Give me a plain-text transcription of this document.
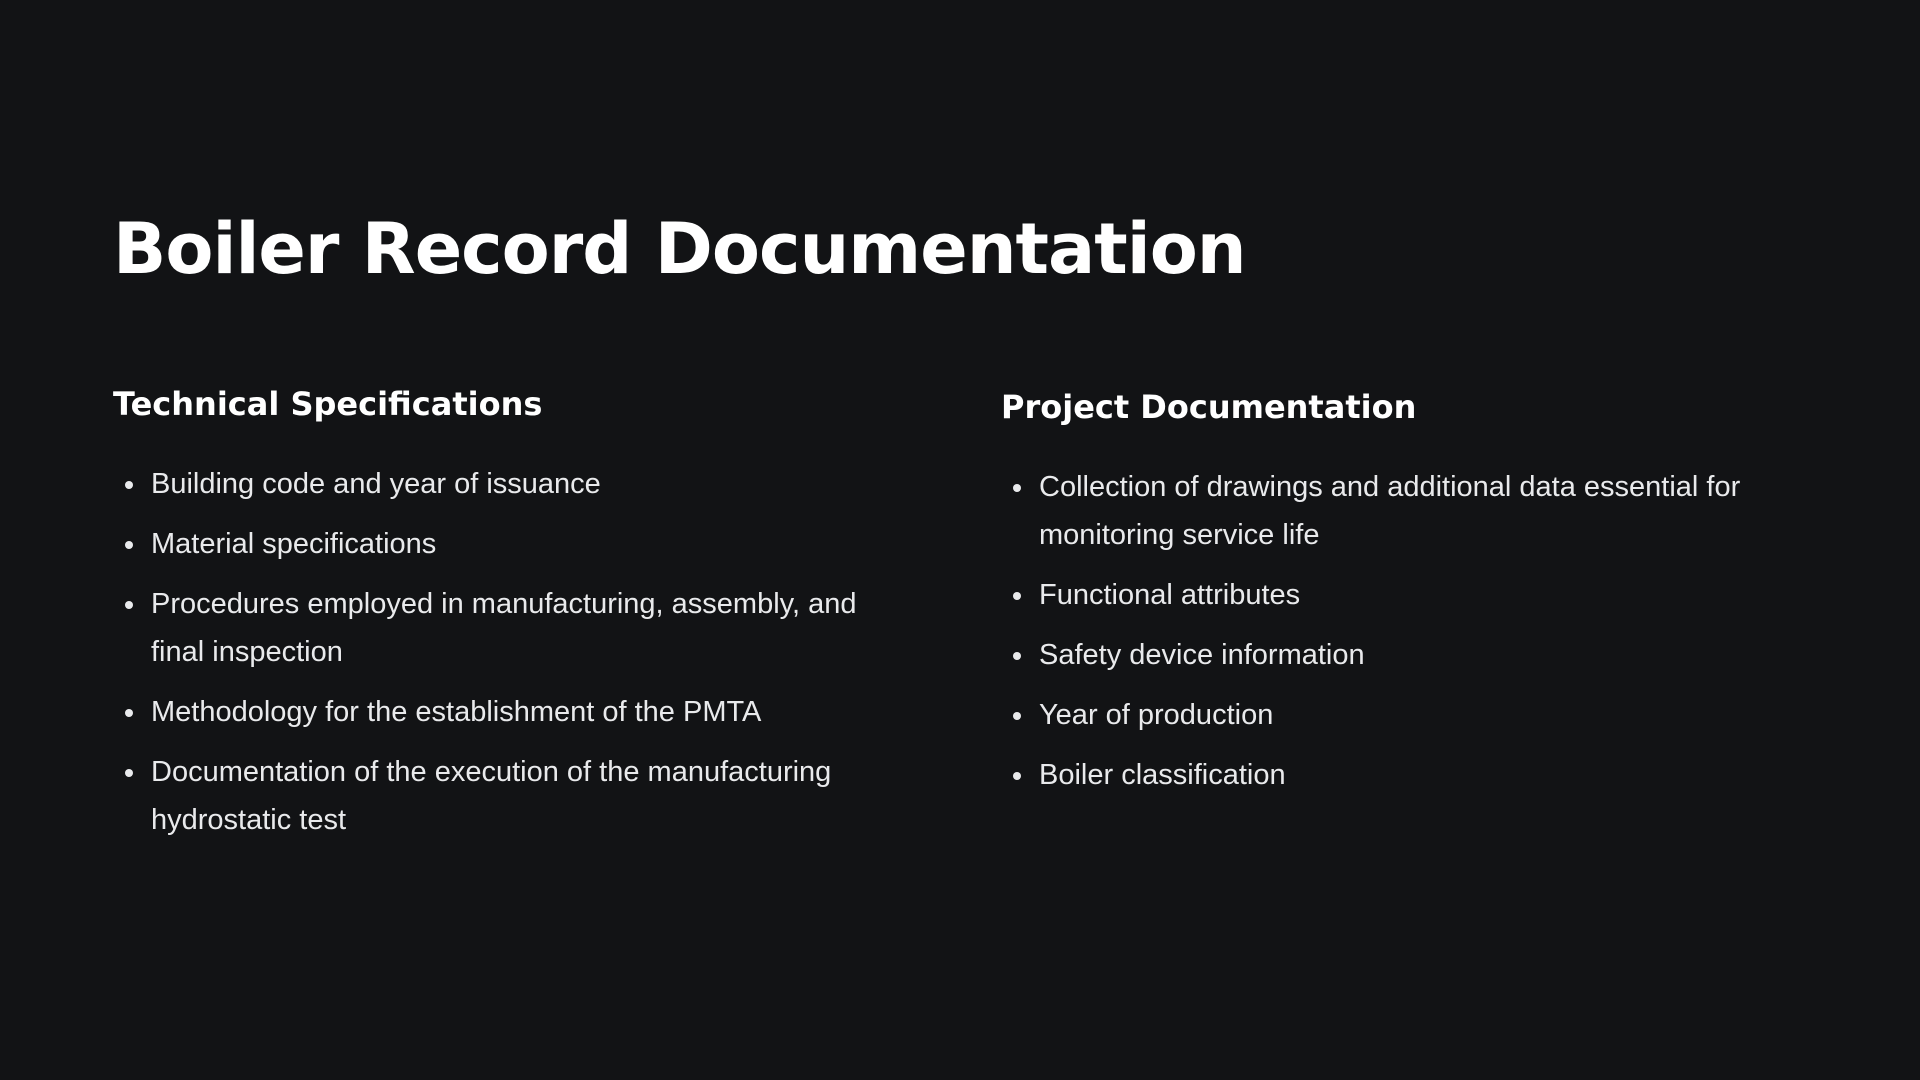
Boiler Record Documentation
Technical Specifications
Building code and year of issuance
Material specifications
Procedures employed in manufacturing, assembly, and final inspection
Methodology for the establishment of the PMTA
Documentation of the execution of the manufacturing hydrostatic test
Project Documentation
Collection of drawings and additional data essential for monitoring service life
Functional attributes
Safety device information
Year of production
Boiler classification
